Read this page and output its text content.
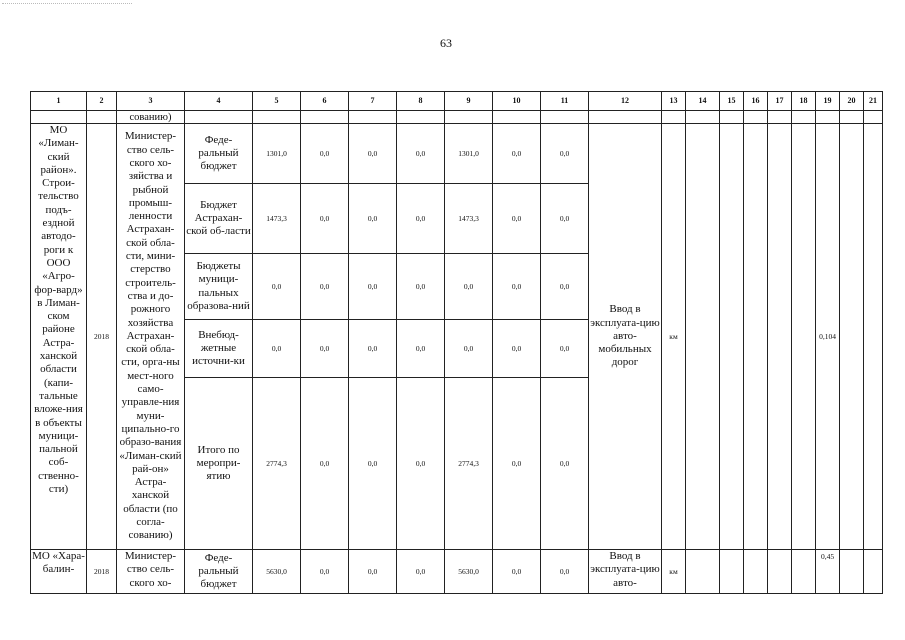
63
1	2	3	4	5	6	7	8	9	10	11	12	13	14	15	16	17	18	19	20	21
		сованию)																		
МО «Лиман-ский район». Строи-тельство подъ-ездной автодо-роги к ООО «Агро-фор-вард» в Лиман-ском районе Астра-ханской области (капи-тальные вложе-ния в объекты муници-пальной соб-ственно-сти)	2018	Министер-ство сель-ского хо-зяйства и рыбной промыш-ленности Астрахан-ской обла-сти, мини-стерство строитель-ства и до-рожного хозяйства Астрахан-ской обла-сти, орга-ны мест-ного само-управле-ния муни-ципально-го образо-вания «Лиман-ский рай-он» Астра-ханской области (по согла-сованию)	Феде-ральный бюджет	1301,0	0,0	0,0	0,0	1301,0	0,0	0,0	Ввод в эксплуата-цию авто-мобильных дорог	км						0,104		
			Бюджет Астрахан-ской об-ласти	1473,3	0,0	0,0	0,0	1473,3	0,0	0,0										
			Бюджеты муници-пальных образова-ний	0,0	0,0	0,0	0,0	0,0	0,0	0,0										
			Внебюд-жетные источни-ки	0,0	0,0	0,0	0,0	0,0	0,0	0,0										
			Итого по меропри-ятию	2774,3	0,0	0,0	0,0	2774,3	0,0	0,0										
МО «Хара-балин-	2018	Министер-ство сель-ского хо-	Феде-ральный бюджет	5630,0	0,0	0,0	0,0	5630,0	0,0	0,0	Ввод в эксплуата-цию авто-	км						0,45		
